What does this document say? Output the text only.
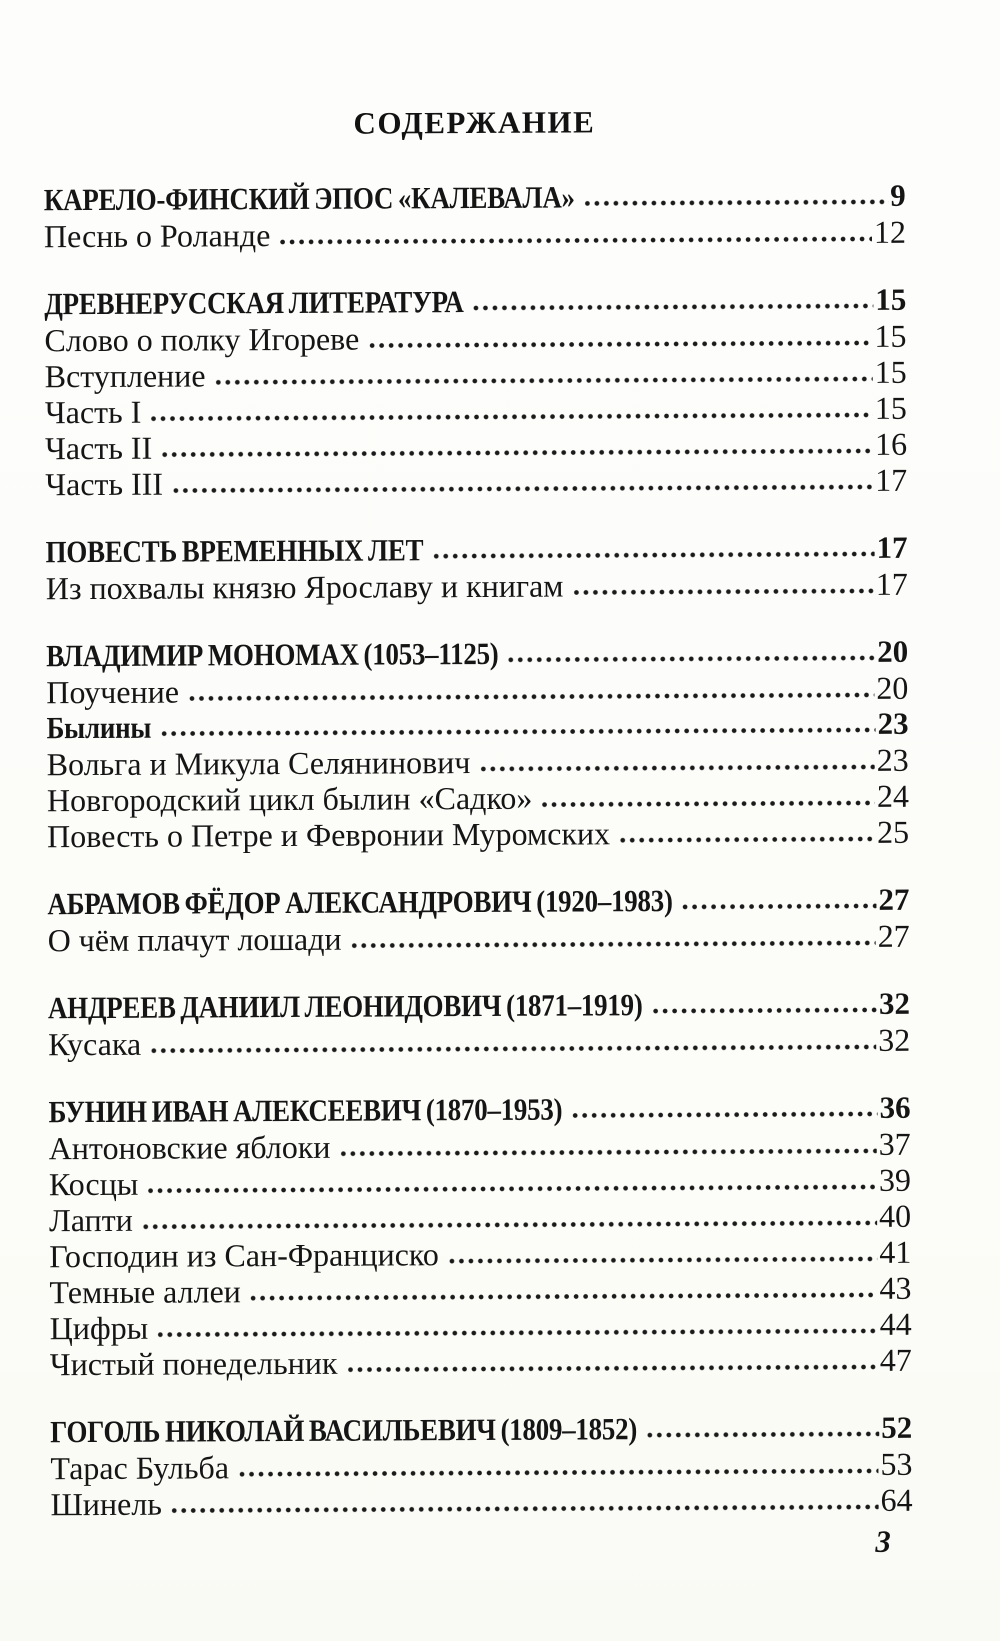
СОДЕРЖАНИЕ
КАРЕЛО-ФИНСКИЙ ЭПОС «КАЛЕВАЛА»	9
Песнь о Роланде	12
ДРЕВНЕРУССКАЯ ЛИТЕРАТУРА	15
Слово о полку Игореве	15
Вступление	15
Часть I	15
Часть II	16
Часть III	17
ПОВЕСТЬ ВРЕМЕННЫХ ЛЕТ	17
Из похвалы князю Ярославу и книгам	17
ВЛАДИМИР МОНОМАХ (1053–1125)	20
Поучение	20
Былины	23
Вольга и Микула Селянинович	23
Новгородский цикл былин «Садко»	24
Повесть о Петре и Февронии Муромских	25
АБРАМОВ ФЁДОР АЛЕКСАНДРОВИЧ (1920–1983)	27
О чём плачут лошади	27
АНДРЕЕВ ДАНИИЛ ЛЕОНИДОВИЧ (1871–1919)	32
Кусака	32
БУНИН ИВАН АЛЕКСЕЕВИЧ (1870–1953)	36
Антоновские яблоки	37
Косцы	39
Лапти	40
Господин из Сан-Франциско	41
Темные аллеи	43
Цифры	44
Чистый понедельник	47
ГОГОЛЬ НИКОЛАЙ ВАСИЛЬЕВИЧ (1809–1852)	52
Тарас Бульба	53
Шинель	64
3
